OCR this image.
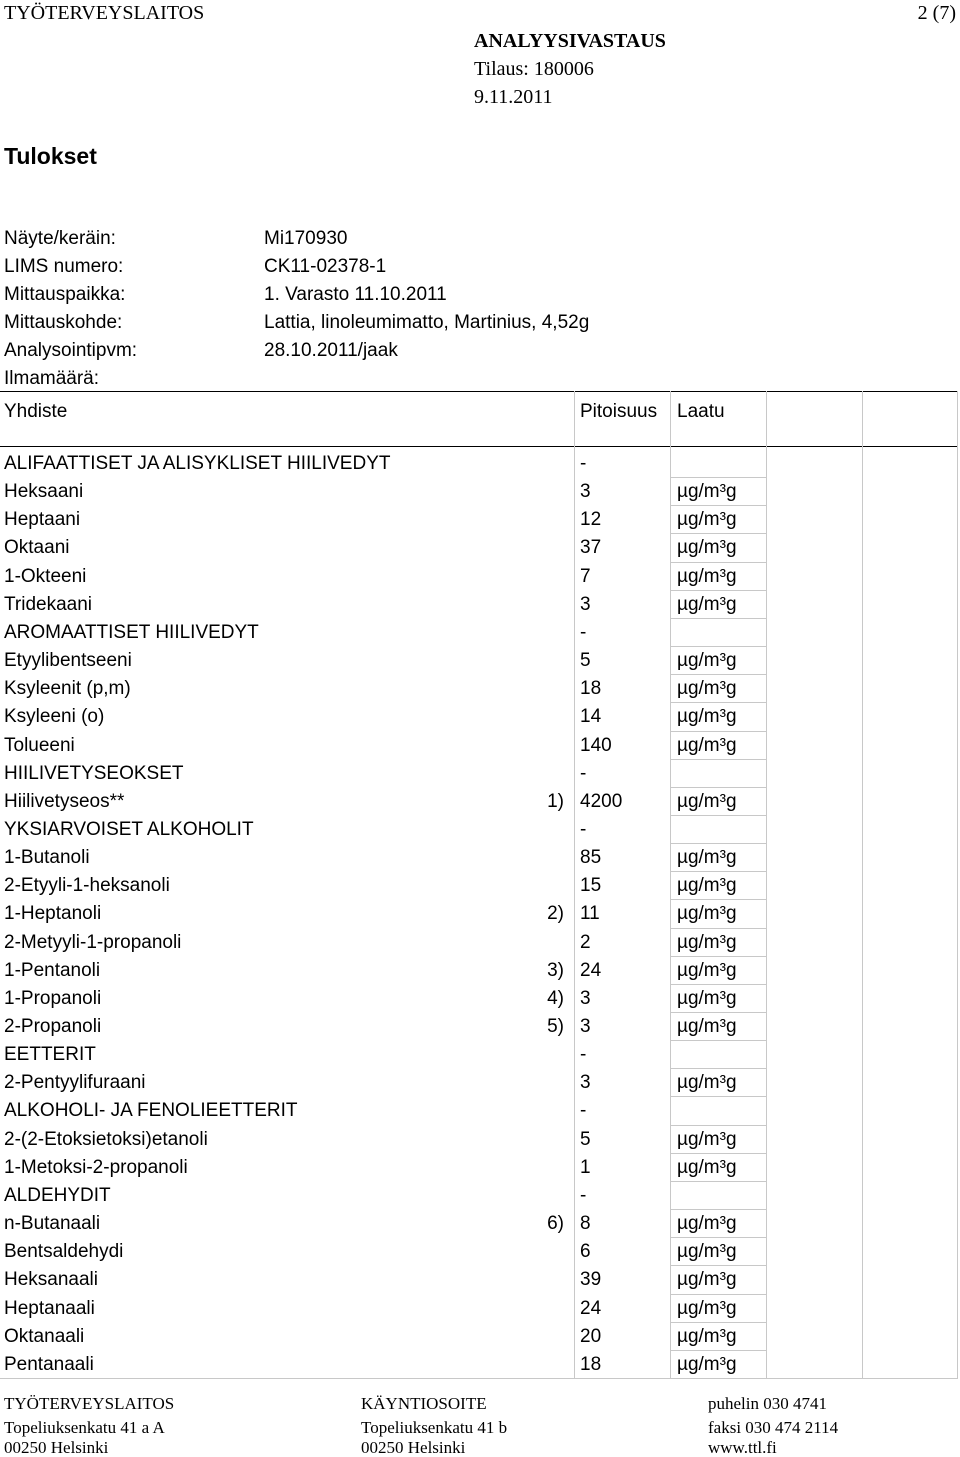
TYÖTERVEYSLAITOS	2 (7)
ANALYYSIVASTAUS
Tilaus: 180006
9.11.2011
Tulokset
Näyte/keräin:	Mi170930
LIMS numero:	CK11-02378-1
Mittauspaikka:	1. Varasto 11.10.2011
Mittauskohde:	Lattia, linoleumimatto, Martinius, 4,52g
Analysointipvm:	28.10.2011/jaak
Ilmamäärä:
Yhdiste	Pitoisuus Laatu
ALIFAATTISET JA ALISYKLISET HIILIVEDYT	-
Heksaani	3	µg/m³g
Heptaani	12	µg/m³g
Oktaani	37	µg/m³g
1-Okteeni	7	µg/m³g
Tridekaani	3	µg/m³g
AROMAATTISET HIILIVEDYT	-
Etyylibentseeni	5	µg/m³g
Ksyleenit (p,m)	18	µg/m³g
Ksyleeni (o)	14	µg/m³g
Tolueeni	140	µg/m³g
HIILIVETYSEOKSET	-
Hiilivetyseos**	1) 4200	µg/m³g
YKSIARVOISET ALKOHOLIT	-
1-Butanoli	85	µg/m³g
2-Etyyli-1-heksanoli	15	µg/m³g
1-Heptanoli	2) 11	µg/m³g
2-Metyyli-1-propanoli	2	µg/m³g
1-Pentanoli	3) 24	µg/m³g
1-Propanoli	4) 3	µg/m³g
2-Propanoli	5) 3	µg/m³g
EETTERIT	-
2-Pentyylifuraani	3	µg/m³g
ALKOHOLI- JA FENOLIEETTERIT	-
2-(2-Etoksietoksi)etanoli	5	µg/m³g
1-Metoksi-2-propanoli	1	µg/m³g
ALDEHYDIT	-
n-Butanaali	6) 8	µg/m³g
Bentsaldehydi	6	µg/m³g
Heksanaali	39	µg/m³g
Heptanaali	24	µg/m³g
Oktanaali	20	µg/m³g
Pentanaali	18	µg/m³g
TYÖTERVEYSLAITOS
Topeliuksenkatu 41 a A
00250 Helsinki
KÄYNTIOSOITE
Topeliuksenkatu 41 b
00250 Helsinki
puhelin 030 4741
faksi 030 474 2114
www.ttl.fi
